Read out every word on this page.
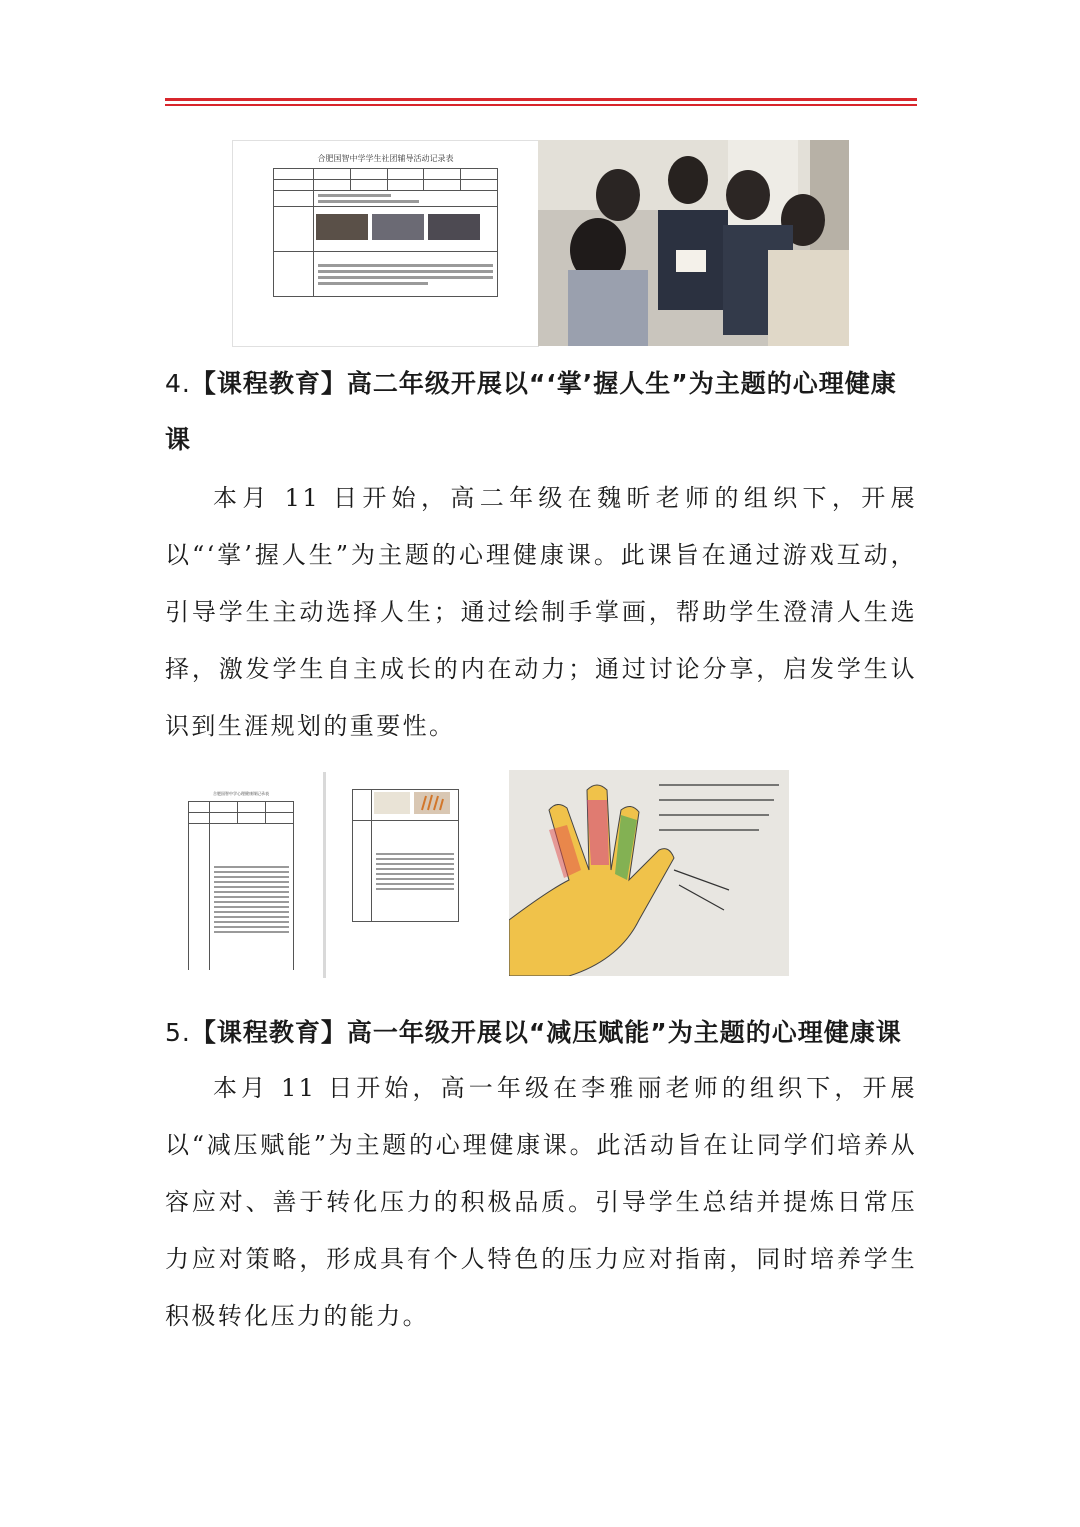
合肥国智中学学生社团辅导活动记录表

4.【课程教育】高二年级开展以“‘掌’握人生”为主题的心理健康课
本月 11 日开始，高二年级在魏昕老师的组织下，开展以“‘掌’握人生”为主题的心理健康课。此课旨在通过游戏互动，引导学生主动选择人生；通过绘制手掌画，帮助学生澄清人生选择，激发学生自主成长的内在动力；通过讨论分享，启发学生认识到生涯规划的重要性。
合肥国智中学心理健康课记录表

5.【课程教育】高一年级开展以“减压赋能”为主题的心理健康课
本月 11 日开始，高一年级在李雅丽老师的组织下，开展以“减压赋能”为主题的心理健康课。此活动旨在让同学们培养从容应对、善于转化压力的积极品质。引导学生总结并提炼日常压力应对策略，形成具有个人特色的压力应对指南，同时培养学生积极转化压力的能力。
